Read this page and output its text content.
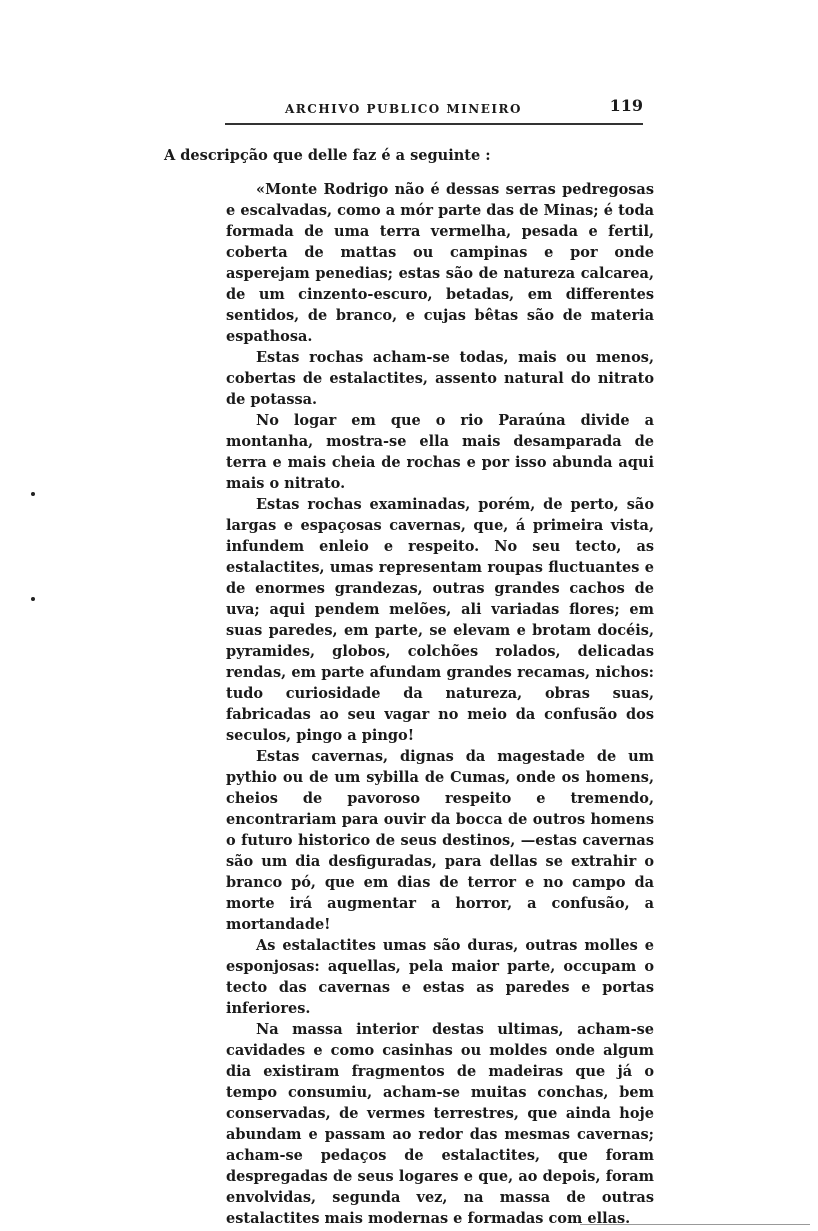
ARCHIVO PUBLICO MINEIRO	119

A descripção que delle faz é a seguinte :

«Monte Rodrigo não é dessas serras pedregosas e escalvadas, como a mór parte das de Minas; é toda formada de uma terra vermelha, pesada e fertil, coberta de mattas ou campinas e por onde asperejam penedias; estas são de natureza calcarea, de um cinzento-escuro, betadas, em differentes sentidos, de branco, e cujas bêtas são de materia espathosa.

Estas rochas acham-se todas, mais ou menos, cobertas de estalactites, assento natural do nitrato de potassa.

No logar em que o rio Paraúna divide a montanha, mostra-se ella mais desamparada de terra e mais cheia de rochas e por isso abunda aqui mais o nitrato.

Estas rochas examinadas, porém, de perto, são largas e espaçosas cavernas, que, á primeira vista, infundem enleio e respeito. No seu tecto, as estalactites, umas representam roupas fluctuantes e de enormes grandezas, outras grandes cachos de uva; aqui pendem melões, ali variadas flores; em suas paredes, em parte, se elevam e brotam docéis, pyramides, globos, colchões rolados, delicadas rendas, em parte afundam grandes recamas, nichos: tudo curiosidade da natureza, obras suas, fabricadas ao seu vagar no meio da confusão dos seculos, pingo a pingo!

Estas cavernas, dignas da magestade de um pythio ou de um sybilla de Cumas, onde os homens, cheios de pavoroso respeito e tremendo, encontrariam para ouvir da bocca de outros homens o futuro historico de seus destinos, —estas cavernas são um dia desfiguradas, para dellas se extrahir o branco pó, que em dias de terror e no campo da morte irá augmentar a horror, a confusão, a mortandade!

As estalactites umas são duras, outras molles e esponjosas: aquellas, pela maior parte, occupam o tecto das cavernas e estas as paredes e portas inferiores.

Na massa interior destas ultimas, acham-se cavidades e como casinhas ou moldes onde algum dia existiram fragmentos de madeiras que já o tempo consumiu, acham-se muitas conchas, bem conservadas, de vermes terrestres, que ainda hoje abundam e passam ao redor das mesmas cavernas; acham-se pedaços de estalactites, que foram despregadas de seus logares e que, ao depois, foram envolvidas, segunda vez, na massa de outras estalactites mais modernas e formadas com ellas.
